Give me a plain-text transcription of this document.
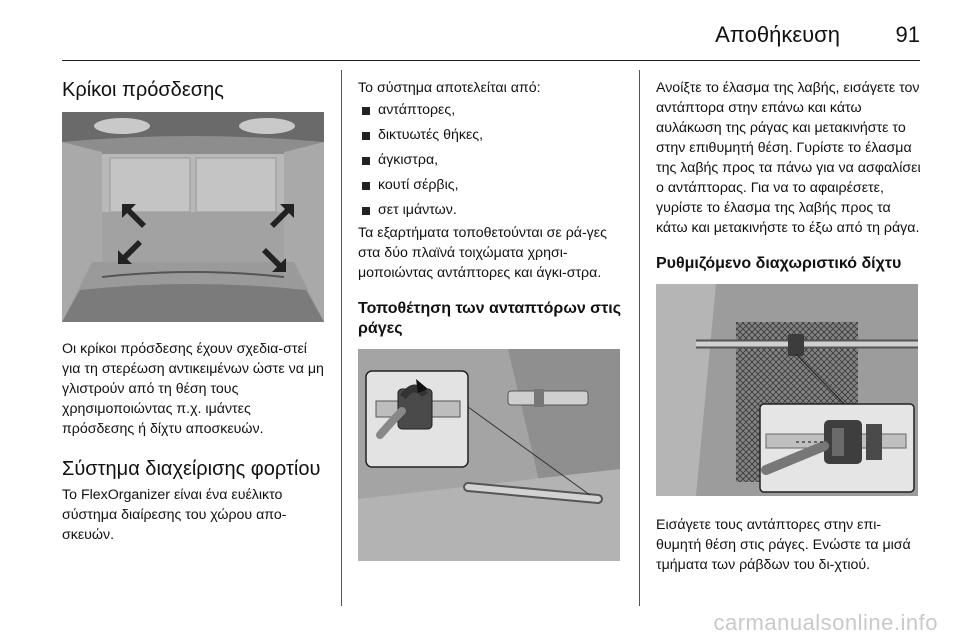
Αποθήκευση	91
Κρίκοι πρόσδεσης

Οι κρίκοι πρόσδεσης έχουν σχεδια-στεί για τη στερέωση αντικειμένων ώστε να μη γλιστρούν από τη θέση τους χρησιμοποιώντας π.χ. ιμάντες πρόσδεσης ή δίχτυ αποσκευών.

Σύστημα διαχείρισης φορτίου

Το FlexOrganizer είναι ένα ευέλικτο σύστημα διαίρεσης του χώρου απο-σκευών.

Το σύστημα αποτελείται από:

αντάπτορες,
δικτυωτές θήκες,
άγκιστρα,
κουτί σέρβις,
σετ ιμάντων.

Τα εξαρτήματα τοποθετούνται σε ρά-γες στα δύο πλαϊνά τοιχώματα χρησι-μοποιώντας αντάπτορες και άγκι-στρα.

Τοποθέτηση των ανταπτόρων στις ράγες

Ανοίξτε το έλασμα της λαβής, εισάγετε τον αντάπτορα στην επάνω και κάτω αυλάκωση της ράγας και μετακινήστε το στην επιθυμητή θέση. Γυρίστε το έλασμα της λαβής προς τα πάνω για να ασφαλίσει ο αντάπτορας. Για να το αφαιρέσετε, γυρίστε το έλασμα της λαβής προς τα κάτω και μετακινήστε το έξω από τη ράγα.

Ρυθμιζόμενο διαχωριστικό δίχτυ

Εισάγετε τους αντάπτορες στην επι-θυμητή θέση στις ράγες. Ενώστε τα μισά τμήματα των ράβδων του δι-χτιού.

carmanualsonline.info
